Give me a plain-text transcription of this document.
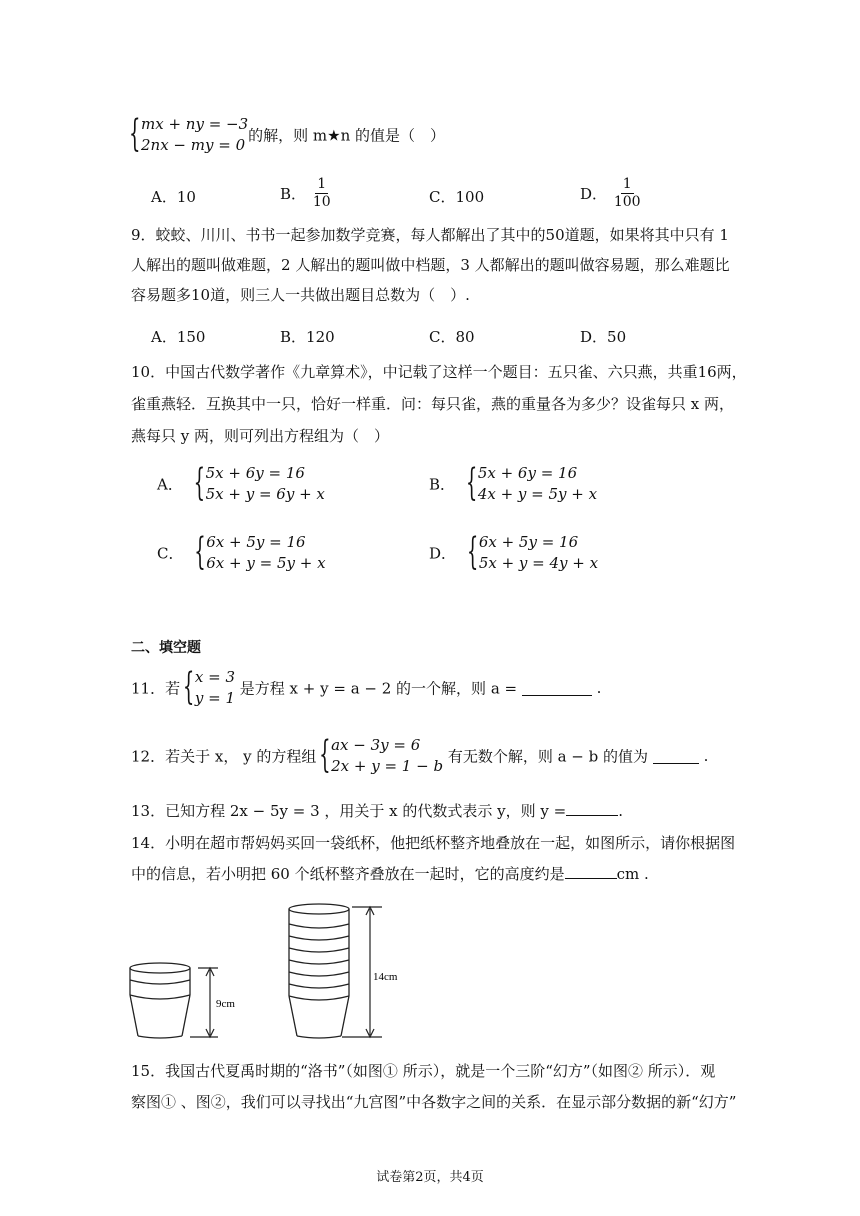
{ mx + ny = −3
2nx − my = 0
的解，则 m★n 的值是（　）
A．10	B． $\frac{1}{10}$	C．100	D． $\frac{1}{100}$
9．蛟蛟、川川、书书一起参加数学竞赛，每人都解出了其中的50道题，如果将其中只有 1
人解出的题叫做难题，2 人解出的题叫做中档题，3 人都解出的题叫做容易题，那么难题比
容易题多10道，则三人一共做出题目总数为（　）.
A．150	B．120	C．80	D．50
10．中国古代数学著作《九章算术》，中记载了这样一个题目：五只雀、六只燕，共重16两，
雀重燕轻．互换其中一只，恰好一样重．问：每只雀，燕的重量各为多少？设雀每只 x 两，
燕每只 y 两，则可列出方程组为（　）
A．
{ 5x + 6y = 16
5x + y = 6y + x
B．
{ 5x + 6y = 16
4x + y = 5y + x
C．
{ 6x + 5y = 16
6x + y = 5y + x
D．
{ 6x + 5y = 16
5x + y = 4y + x
二、填空题
11．若
{ x = 3
y = 1
是方程 x + y = a − 2 的一个解，则 a =	.
12．若关于 x， y 的方程组
{ ax − 3y = 6
2x + y = 1 − b
有无数个解，则 a − b 的值为	.
13．已知方程 2x − 5y = 3 ，用关于 x 的代数式表示 y，则 y =	.
14．小明在超市帮妈妈买回一袋纸杯，他把纸杯整齐地叠放在一起，如图所示，请你根据图
中的信息，若小明把 60 个纸杯整齐叠放在一起时，它的高度约是	cm .
9cm
14cm
15．我国古代夏禹时期的“洛书”（如图① 所示），就是一个三阶“幻方”（如图② 所示）．观
察图① 、图②，我们可以寻找出“九宫图”中各数字之间的关系．在显示部分数据的新“幻方”
试卷第2页，共4页
